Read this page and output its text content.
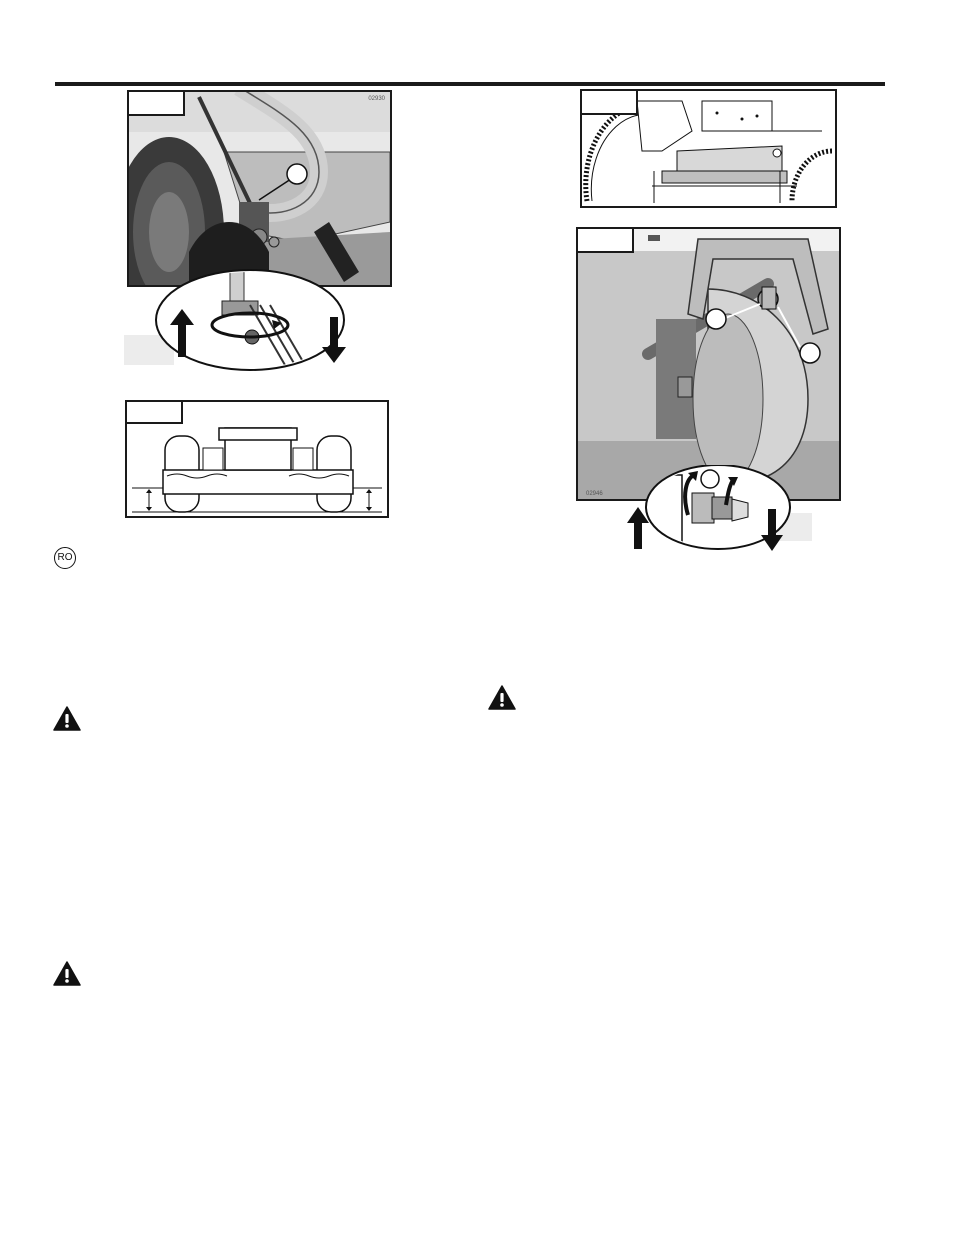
02930
02946
RO
